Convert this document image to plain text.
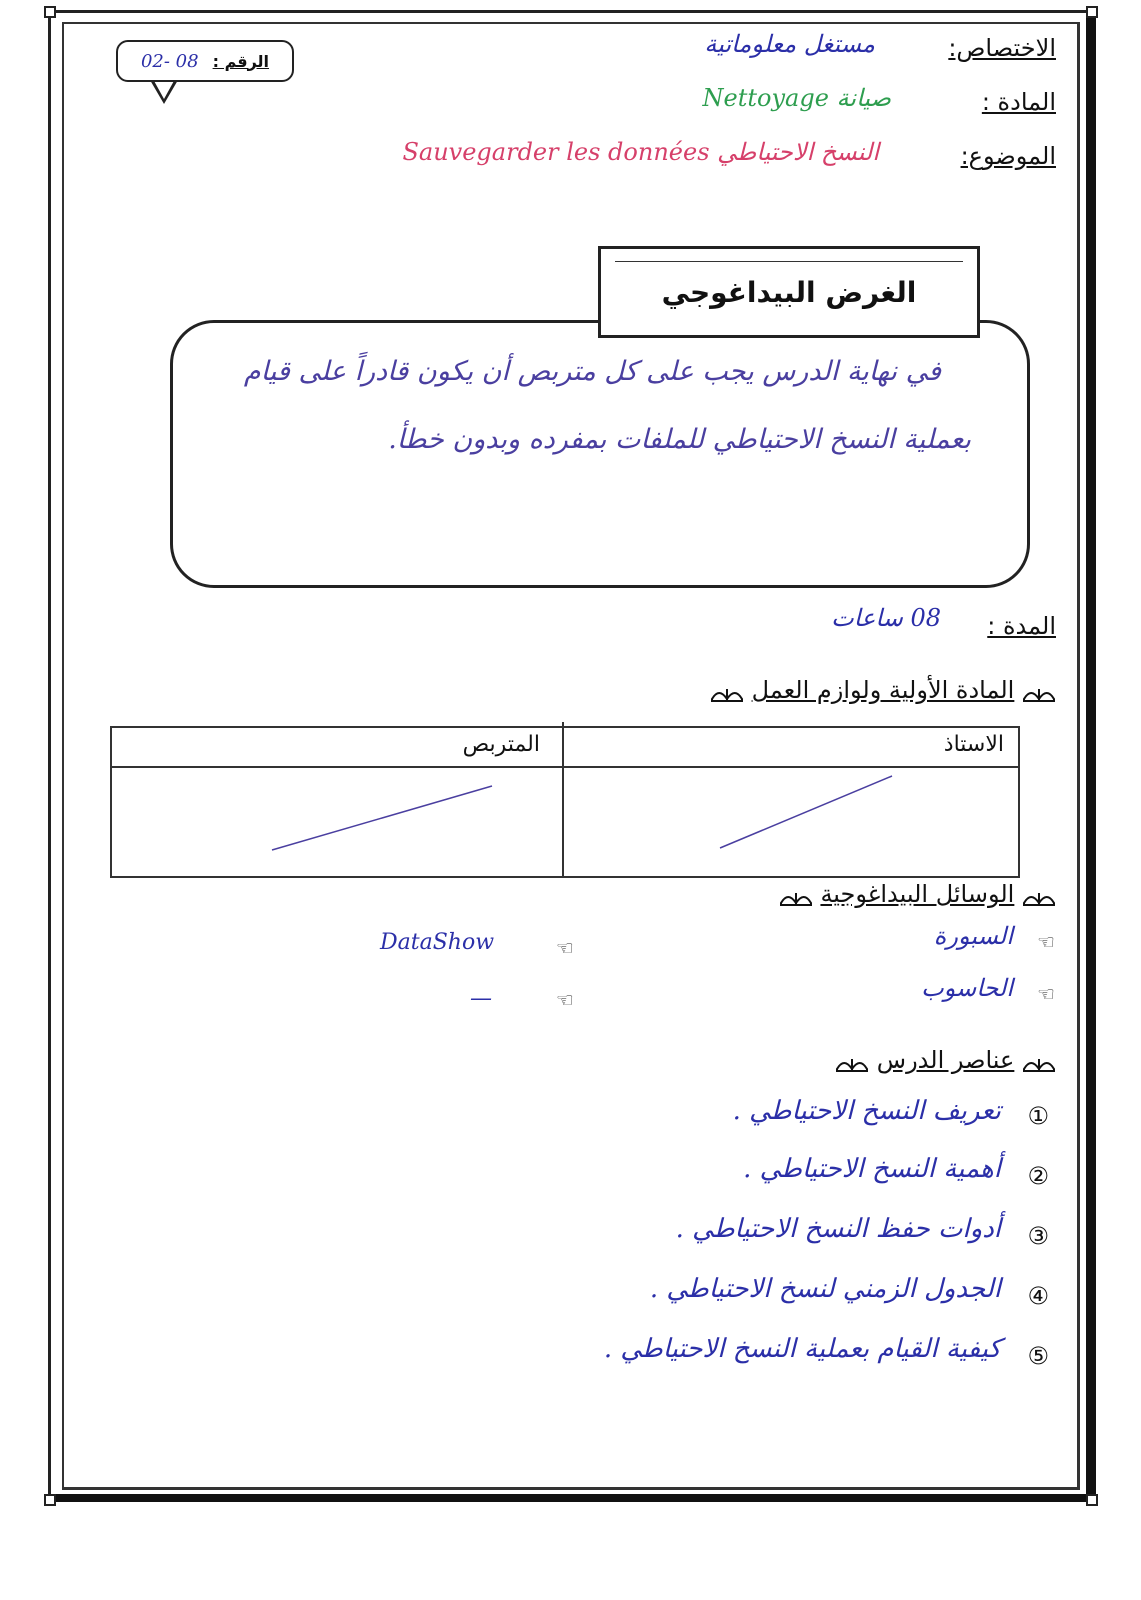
الرقم :
02- 08	الاختصاص:
مستغل معلوماتية
المادة :
صيانة Nettoyage
الموضوع:
النسخ الاحتياطي Sauvegarder les données
الغرض البيداغوجي
في نهاية الدرس يجب على كل متربص أن يكون قادراً على قيام
بعملية النسخ الاحتياطي للملفات بمفرده وبدون خطأ.
المدة :
08 ساعات
المادة الأولية ولوازم العمل
الاستاذ
المتربص
الوسائل البيداغوجية
☜
السبورة
☜
الحاسوب
☜
DataShow
☜
—
عناصر الدرس
①
تعريف النسخ الاحتياطي .
②
أهمية النسخ الاحتياطي .
③
أدوات حفظ النسخ الاحتياطي .
④
الجدول الزمني لنسخ الاحتياطي .
⑤
كيفية القيام بعملية النسخ الاحتياطي .
